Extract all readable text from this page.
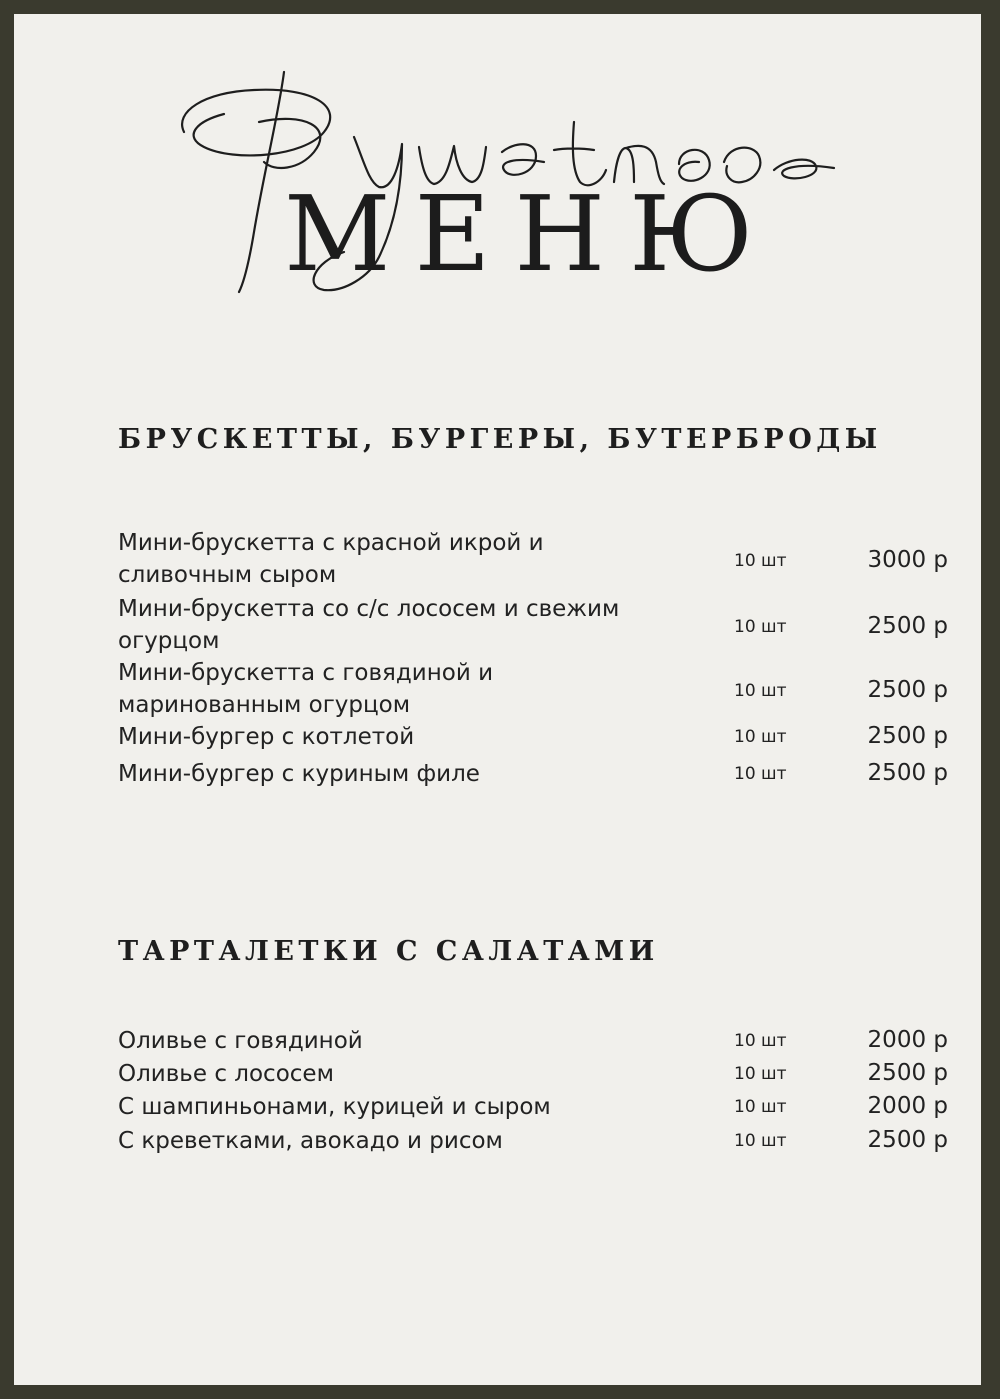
МЕНЮ
БРУСКЕТТЫ, БУРГЕРЫ, БУТЕРБРОДЫ
Мини-брускетта с красной икрой и сливочным сыром
10 шт	3000 р
Мини-брускетта со с/с лососем и свежим огурцом
10 шт	2500 р
Мини-брускетта с говядиной и маринованным огурцом
10 шт	2500 р
Мини-бургер с котлетой	10 шт	2500 р
Мини-бургер с куриным филе	10 шт	2500 р
ТАРТАЛЕТКИ С САЛАТАМИ
Оливье с говядиной	10 шт	2000 р
Оливье с лососем	10 шт	2500 р
С шампиньонами, курицей и сыром	10 шт	2000 р
С креветками, авокадо и рисом	10 шт	2500 р
